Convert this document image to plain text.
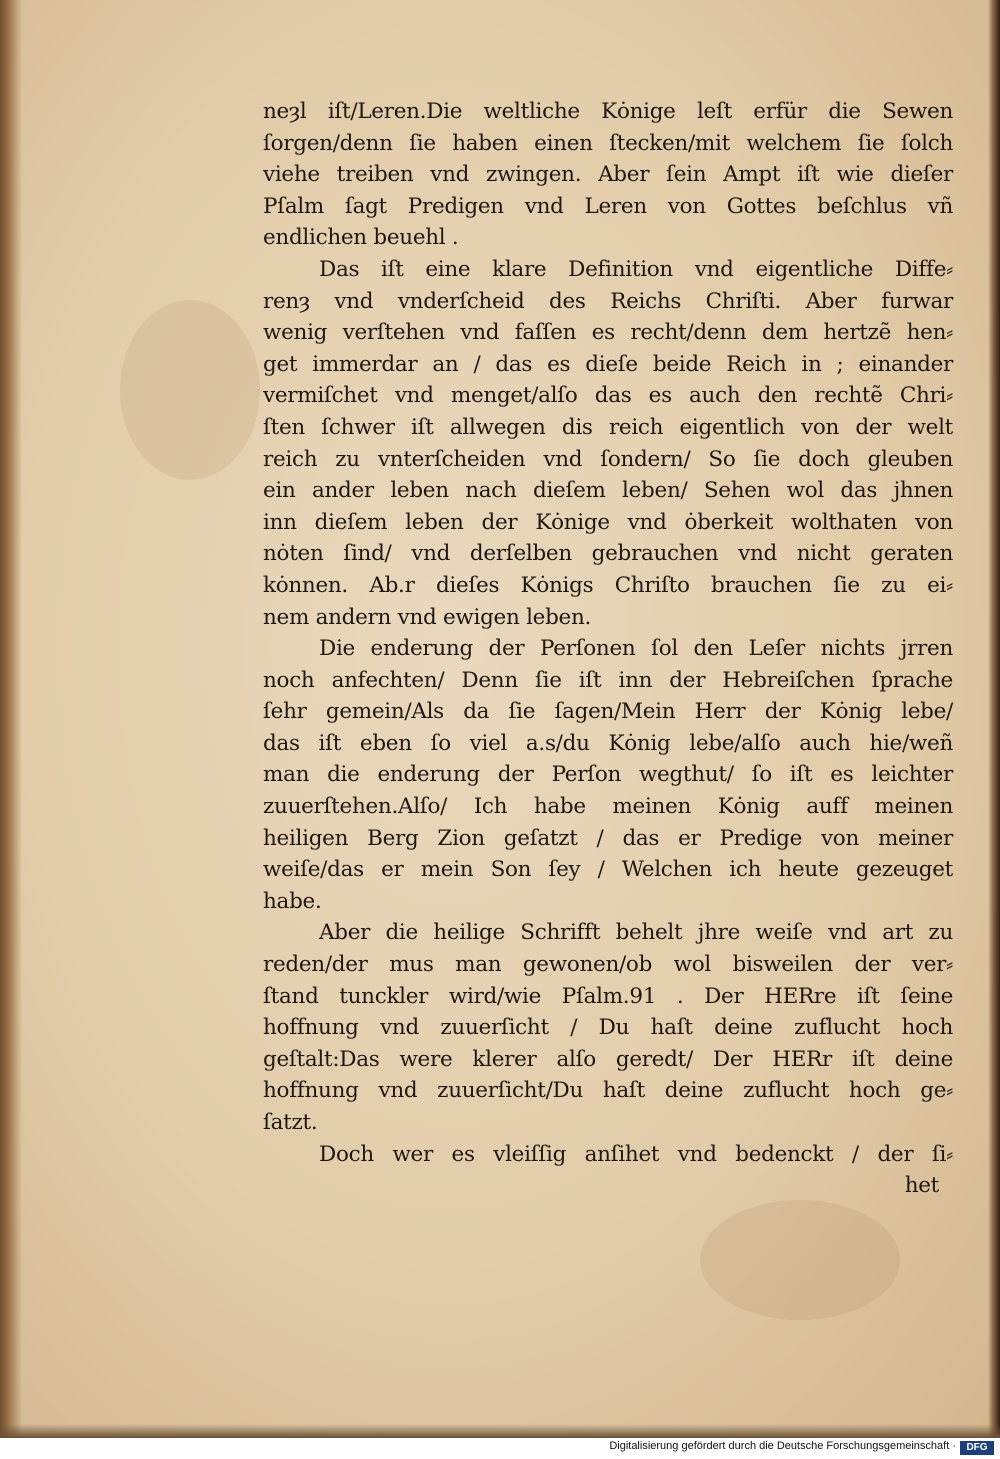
neȝl iſt/Leren.Die weltliche Kȯnige leſt erfür die Sewen
ſorgen/denn ſie haben einen ſtecken/mit welchem ſie ſolch
viehe treiben vnd zwingen. Aber ſein Ampt iſt wie dieſer
Pſalm ſagt Predigen vnd Leren von Gottes beſchlus vñ
endlichen beuehl .
Das iſt eine klare Definition vnd eigentliche Diffe⸗
renȝ vnd vnderſcheid des Reichs Chriſti. Aber furwar
wenig verſtehen vnd faſſen es recht/denn dem hertzẽ hen⸗
get immerdar an / das es dieſe beide Reich in ; einander
vermiſchet vnd menget/alſo das es auch den rechtẽ Chri⸗
ſten ſchwer iſt allwegen dis reich eigentlich von der welt
reich zu vnterſcheiden vnd ſondern/ So ſie doch gleuben
ein ander leben nach dieſem leben/ Sehen wol das jhnen
inn dieſem leben der Kȯnige vnd ȯberkeit wolthaten von
nȯten ſind/ vnd derſelben gebrauchen vnd nicht geraten
kȯnnen. Ab.r dieſes Kȯnigs Chriſto brauchen ſie zu ei⸗
nem andern vnd ewigen leben.
Die enderung der Perſonen ſol den Leſer nichts jrren
noch anfechten/ Denn ſie iſt inn der Hebreiſchen ſprache
ſehr gemein/Als da ſie ſagen/Mein Herr der Kȯnig lebe/
das iſt eben ſo viel a.s/du Kȯnig lebe/alſo auch hie/weñ
man die enderung der Perſon wegthut/ ſo iſt es leichter
zuuerſtehen.Alſo/ Ich habe meinen Kȯnig auff meinen
heiligen Berg Zion geſatzt / das er Predige von meiner
weiſe/das er mein Son ſey / Welchen ich heute gezeuget
habe.
Aber die heilige Schrifft behelt jhre weiſe vnd art zu
reden/der mus man gewonen/ob wol bisweilen der ver⸗
ſtand tunckler wird/wie Pſalm.91 . Der HERre iſt ſeine
hoffnung vnd zuuerſicht / Du haſt deine zuflucht hoch
geſtalt:Das were klerer alſo geredt/ Der HERr iſt deine
hoffnung vnd zuuerſicht/Du haſt deine zuflucht hoch ge⸗
ſatzt.
Doch wer es vleiſſig anſihet vnd bedenckt / der ſi⸗
het
Digitalisierung gefördert durch die Deutsche Forschungsgemeinschaft ·	DFG
